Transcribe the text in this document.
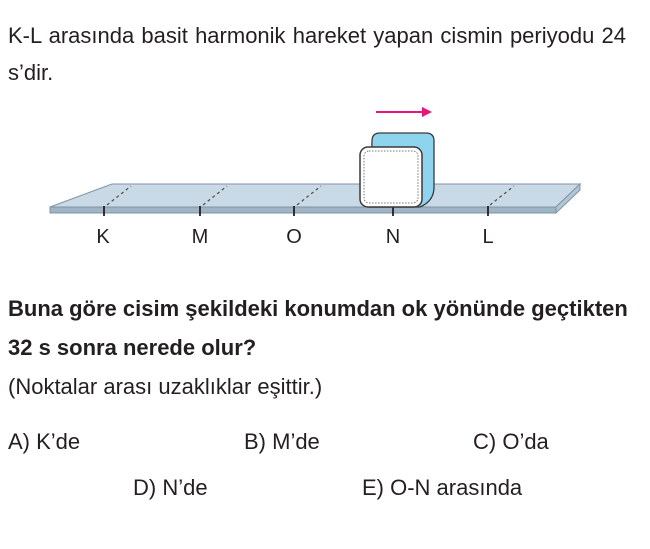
K-L arasında basit harmonik hareket yapan cismin periyodu 24 s’dir.
K	M	O	N	L
Buna göre cisim şekildeki konumdan ok yönünde geçtikten 32 s sonra nerede olur?
(Noktalar arası uzaklıklar eşittir.)
A) K’de	B) M’de	C) O’da
D) N’de	E) O-N arasında
